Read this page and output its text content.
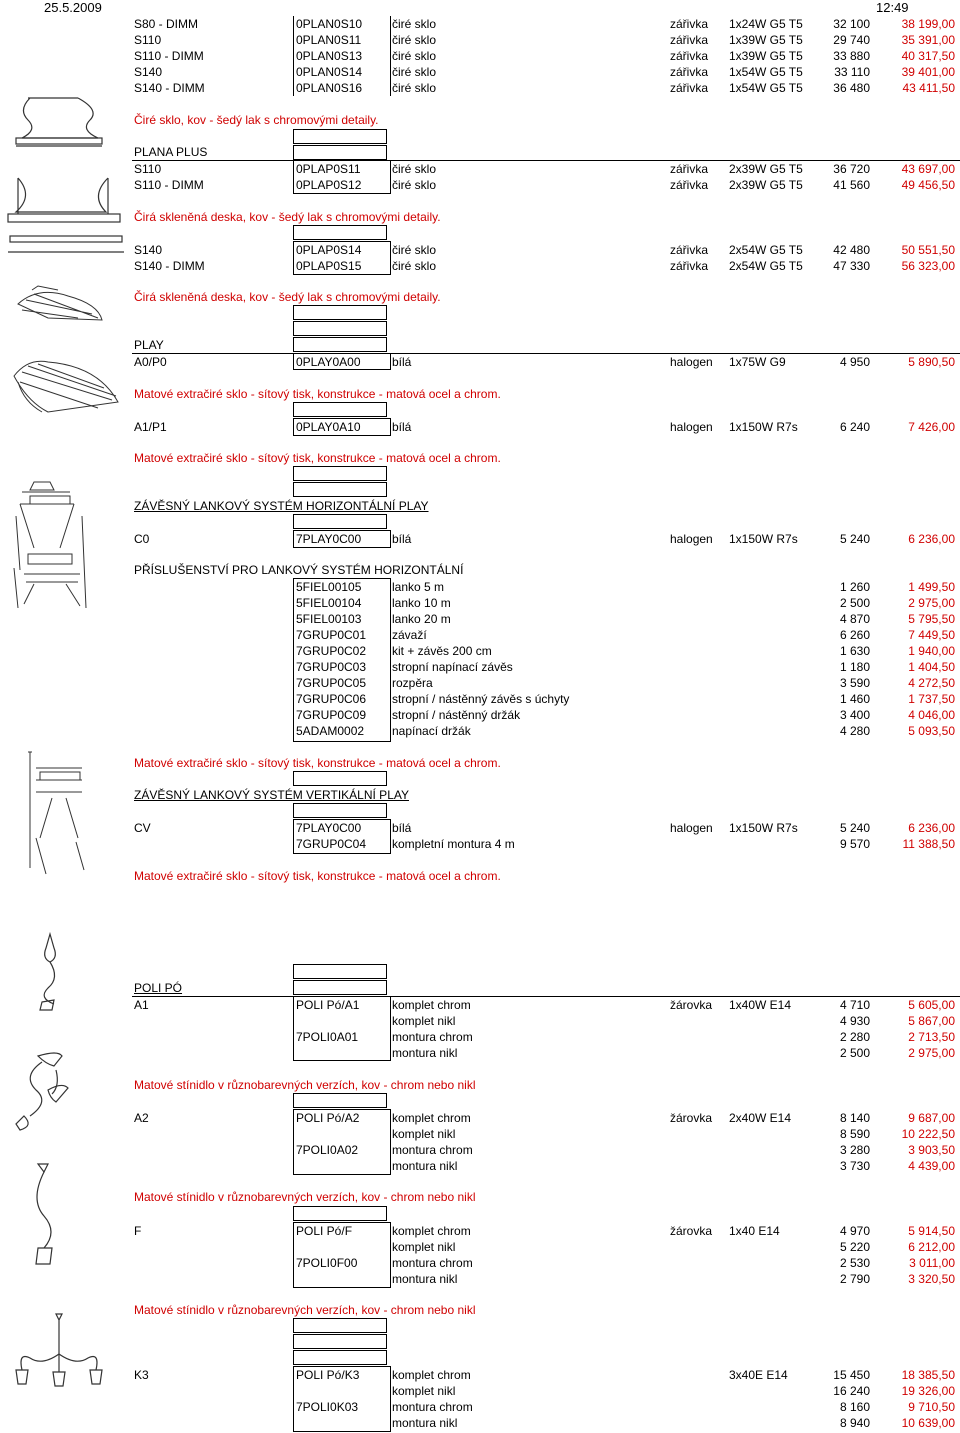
25.5.2009	12:49
S80 - DIMM	0PLAN0S10 čiré sklo	zářivka 1x24W G5 T5	32 100	38 199,00
S110	0PLAN0S11	čiré sklo	zářivka 1x39W G5 T5	29 740	35 391,00
S110 - DIMM	0PLAN0S13 čiré sklo	zářivka 1x39W G5 T5	33 880	40 317,50
S140	0PLAN0S14 čiré sklo	zářivka 1x54W G5 T5	33 110	39 401,00
S140 - DIMM	0PLAN0S16 čiré sklo	zářivka 1x54W G5 T5	36 480	43 411,50
S110	0PLAP0S11	čiré sklo	zářivka 2x39W G5 T5	36 720	43 697,00
S110 - DIMM	0PLAP0S12	čiré sklo	zářivka 2x39W G5 T5	41 560	49 456,50
S140	0PLAP0S14	čiré sklo	zářivka 2x54W G5 T5	42 480	50 551,50
S140 - DIMM	0PLAP0S15	čiré sklo	zářivka 2x54W G5 T5	47 330	56 323,00
A0/P0	0PLAY0A00	bílá	halogen 1x75W G9	4 950	5 890,50
A1/P1	0PLAY0A10	bílá	halogen 1x150W R7s	6 240	7 426,00
C0	7PLAY0C00	bílá	halogen 1x150W R7s	5 240	6 236,00
5FIEL00105	lanko 5 m	1 260	1 499,50
5FIEL00104	lanko 10 m	2 500	2 975,00
5FIEL00103	lanko 20 m	4 870	5 795,50
7GRUP0C01 závaží	6 260	7 449,50
7GRUP0C02 kit + závěs 200 cm	1 630	1 940,00
7GRUP0C03 stropní napínací závěs	1 180	1 404,50
7GRUP0C05 rozpěra	3 590	4 272,50
7GRUP0C06 stropní / nástěnný závěs s úchyty	1 460	1 737,50
7GRUP0C09 stropní / nástěnný držák	3 400	4 046,00
5ADAM0002 napínací držák	4 280	5 093,50
CV	7PLAY0C00	bílá	halogen 1x150W R7s	5 240	6 236,00
7GRUP0C04 kompletní montura 4 m	9 570	11 388,50
A1	POLI Pó/A1	komplet chrom	žárovka 1x40W E14	4 710	5 605,00
komplet nikl	4 930	5 867,00
7POLI0A01	montura chrom	2 280	2 713,50
montura nikl	2 500	2 975,00
A2	POLI Pó/A2	komplet chrom	žárovka 2x40W E14	8 140	9 687,00
komplet nikl	8 590	10 222,50
7POLI0A02	montura chrom	3 280	3 903,50
montura nikl	3 730	4 439,00
F	POLI Pó/F	komplet chrom	žárovka 1x40 E14	4 970	5 914,50
komplet nikl	5 220	6 212,00
7POLI0F00	montura chrom	2 530	3 011,00
montura nikl	2 790	3 320,50
K3	POLI Pó/K3	komplet chrom	3x40E E14	15 450	18 385,50
komplet nikl	16 240	19 326,00
7POLI0K03	montura chrom	8 160	9 710,50
montura nikl	8 940	10 639,00
Čiré sklo, kov - šedý lak s chromovými detaily.
PLANA PLUS
Čirá skleněná deska, kov - šedý lak s chromovými detaily.
Čirá skleněná deska, kov - šedý lak s chromovými detaily.
PLAY
Matové extračiré sklo - sítový tisk, konstrukce - matová ocel a chrom.
Matové extračiré sklo - sítový tisk, konstrukce - matová ocel a chrom.
ZÁVĚSNÝ LANKOVÝ SYSTÉM HORIZONTÁLNÍ PLAY
PŘÍSLUŠENSTVÍ PRO LANKOVÝ SYSTÉM HORIZONTÁLNÍ
Matové extračiré sklo - sítový tisk, konstrukce - matová ocel a chrom.
ZÁVĚSNÝ LANKOVÝ SYSTÉM VERTIKÁLNÍ PLAY
Matové extračiré sklo - sítový tisk, konstrukce - matová ocel a chrom.
POLI PÓ
Matové stínidlo v různobarevných verzích, kov - chrom nebo nikl
Matové stínidlo v různobarevných verzích, kov - chrom nebo nikl
Matové stínidlo v různobarevných verzích, kov - chrom nebo nikl
